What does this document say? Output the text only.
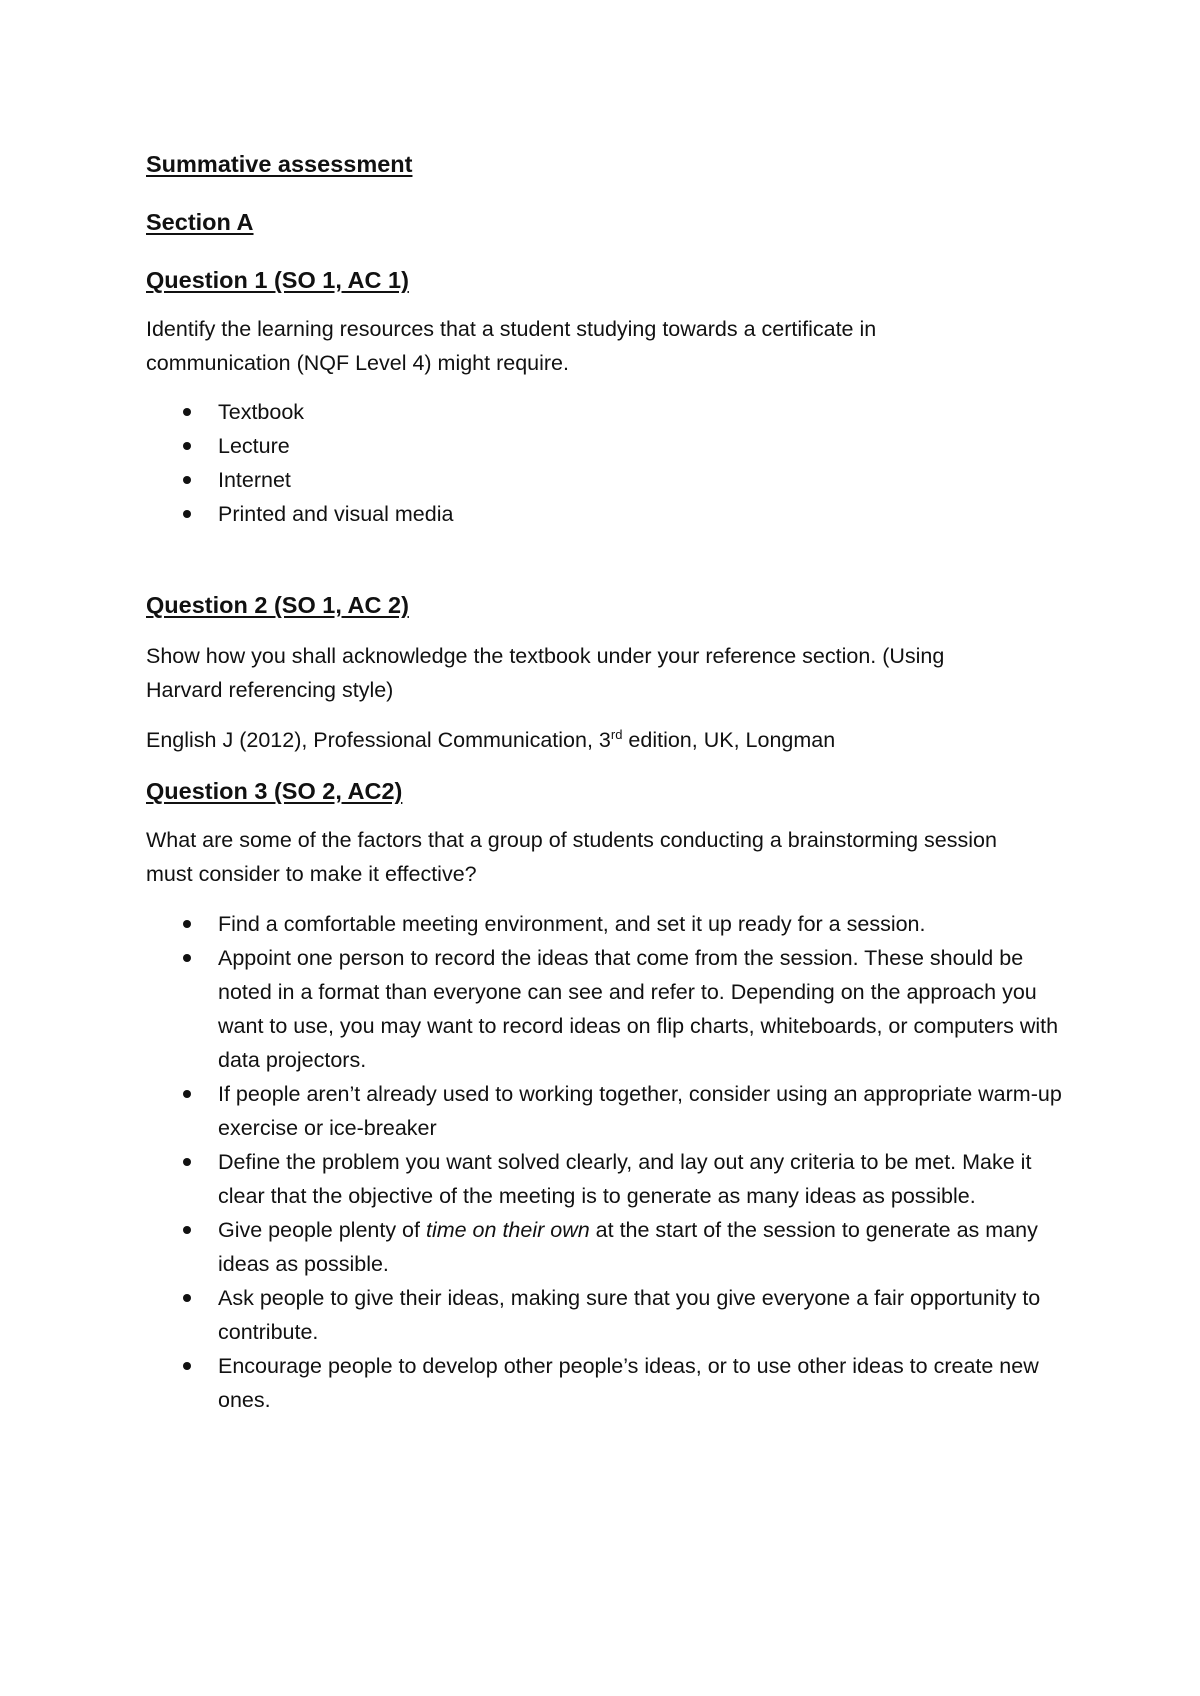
Summative assessment
Section A
Question 1 (SO 1, AC 1)

Identify the learning resources that a student studying towards a certificate in
communication (NQF Level 4) might require.

Textbook
Lecture
Internet
Printed and visual media
Question 2 (SO 1, AC 2)

Show how you shall acknowledge the textbook under your reference section. (Using
Harvard referencing style)

English J (2012), Professional Communication, 3rd edition, UK, Longman

Question 3 (SO 2, AC2)

What are some of the factors that a group of students conducting a brainstorming session
must consider to make it effective?

Find a comfortable meeting environment, and set it up ready for a session.
Appoint one person to record the ideas that come from the session. These should be noted in a format than everyone can see and refer to. Depending on the approach you want to use, you may want to record ideas on flip charts, whiteboards, or computers with data projectors.
If people aren’t already used to working together, consider using an appropriate warm-up exercise or ice-breaker
Define the problem you want solved clearly, and lay out any criteria to be met. Make it clear that the objective of the meeting is to generate as many ideas as possible.
Give people plenty of time on their own at the start of the session to generate as many ideas as possible.
Ask people to give their ideas, making sure that you give everyone a fair opportunity to contribute.
Encourage people to develop other people’s ideas, or to use other ideas to create new ones.
